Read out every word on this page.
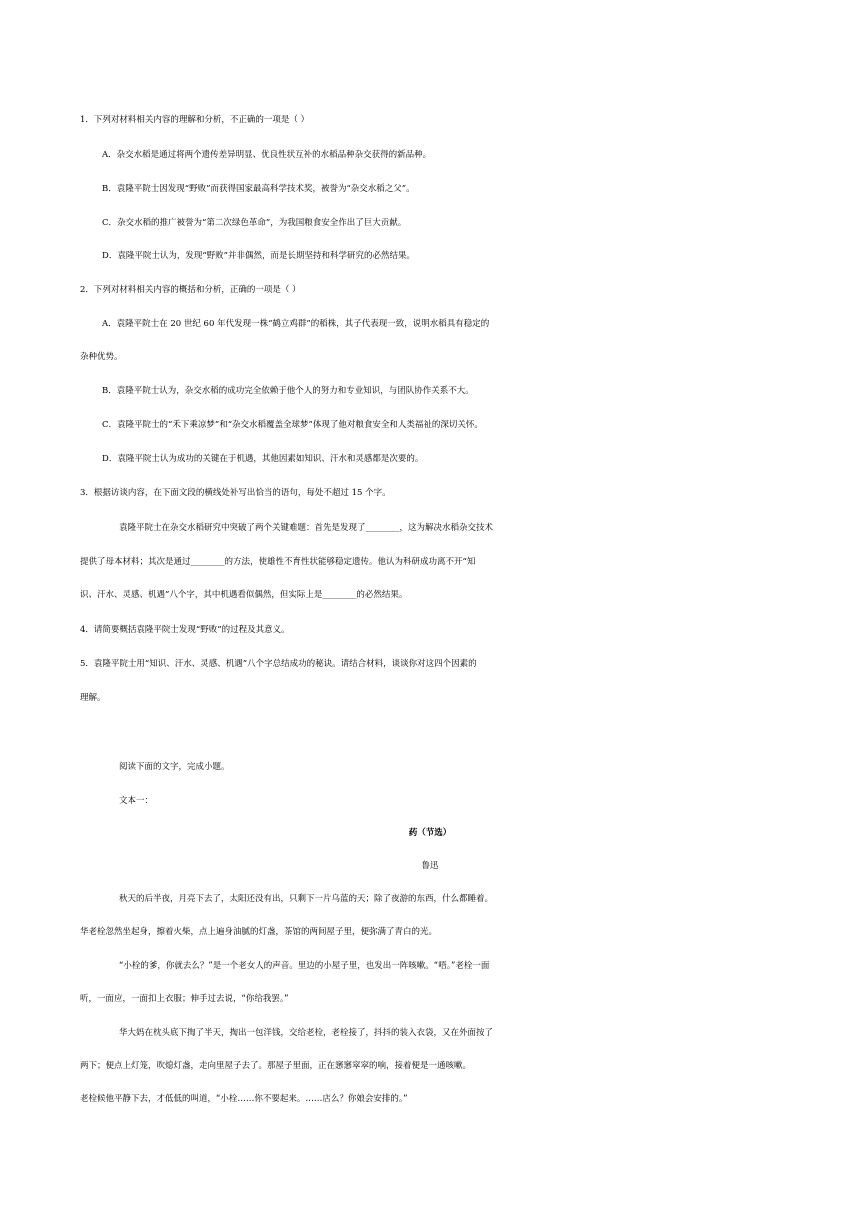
1．下列对材料相关内容的理解和分析，不正确的一项是（ ）
A．杂交水稻是通过将两个遗传差异明显、优良性状互补的水稻品种杂交获得的新品种。
B．袁隆平院士因发现“野败”而获得国家最高科学技术奖，被誉为“杂交水稻之父”。
C．杂交水稻的推广被誉为“第二次绿色革命”，为我国粮食安全作出了巨大贡献。
D．袁隆平院士认为，发现“野败”并非偶然，而是长期坚持和科学研究的必然结果。
2．下列对材料相关内容的概括和分析，正确的一项是（ ）
A．袁隆平院士在 20 世纪 60 年代发现一株“鹤立鸡群”的稻株，其子代表现一致，说明水稻具有稳定的
杂种优势。
B．袁隆平院士认为，杂交水稻的成功完全依赖于他个人的努力和专业知识，与团队协作关系不大。
C．袁隆平院士的“禾下乘凉梦”和“杂交水稻覆盖全球梦”体现了他对粮食安全和人类福祉的深切关怀。
D．袁隆平院士认为成功的关键在于机遇，其他因素如知识、汗水和灵感都是次要的。
3．根据访谈内容，在下面文段的横线处补写出恰当的语句，每处不超过 15 个字。
袁隆平院士在杂交水稻研究中突破了两个关键难题：首先是发现了________，这为解决水稻杂交技术
提供了母本材料；其次是通过________的方法，使雄性不育性状能够稳定遗传。他认为科研成功离不开“知
识、汗水、灵感、机遇”八个字，其中机遇看似偶然，但实际上是________的必然结果。
4．请简要概括袁隆平院士发现“野败”的过程及其意义。
5．袁隆平院士用“知识、汗水、灵感、机遇”八个字总结成功的秘诀。请结合材料，谈谈你对这四个因素的
理解。
阅读下面的文字，完成小题。
文本一：
药（节选）
鲁迅
秋天的后半夜，月亮下去了，太阳还没有出，只剩下一片乌蓝的天；除了夜游的东西，什么都睡着。
华老栓忽然坐起身，擦着火柴，点上遍身油腻的灯盏，茶馆的两间屋子里，便弥满了青白的光。
“小栓的爹，你就去么？”是一个老女人的声音。里边的小屋子里，也发出一阵咳嗽。“唔。”老栓一面
听，一面应，一面扣上衣服；伸手过去说，“你给我罢。”
华大妈在枕头底下掏了半天，掏出一包洋钱，交给老栓，老栓接了，抖抖的装入衣袋，又在外面按了
两下；便点上灯笼，吹熄灯盏，走向里屋子去了。那屋子里面，正在窸窸窣窣的响，接着便是一通咳嗽。
老栓候他平静下去，才低低的叫道，“小栓……你不要起来。……店么？你娘会安排的。”
